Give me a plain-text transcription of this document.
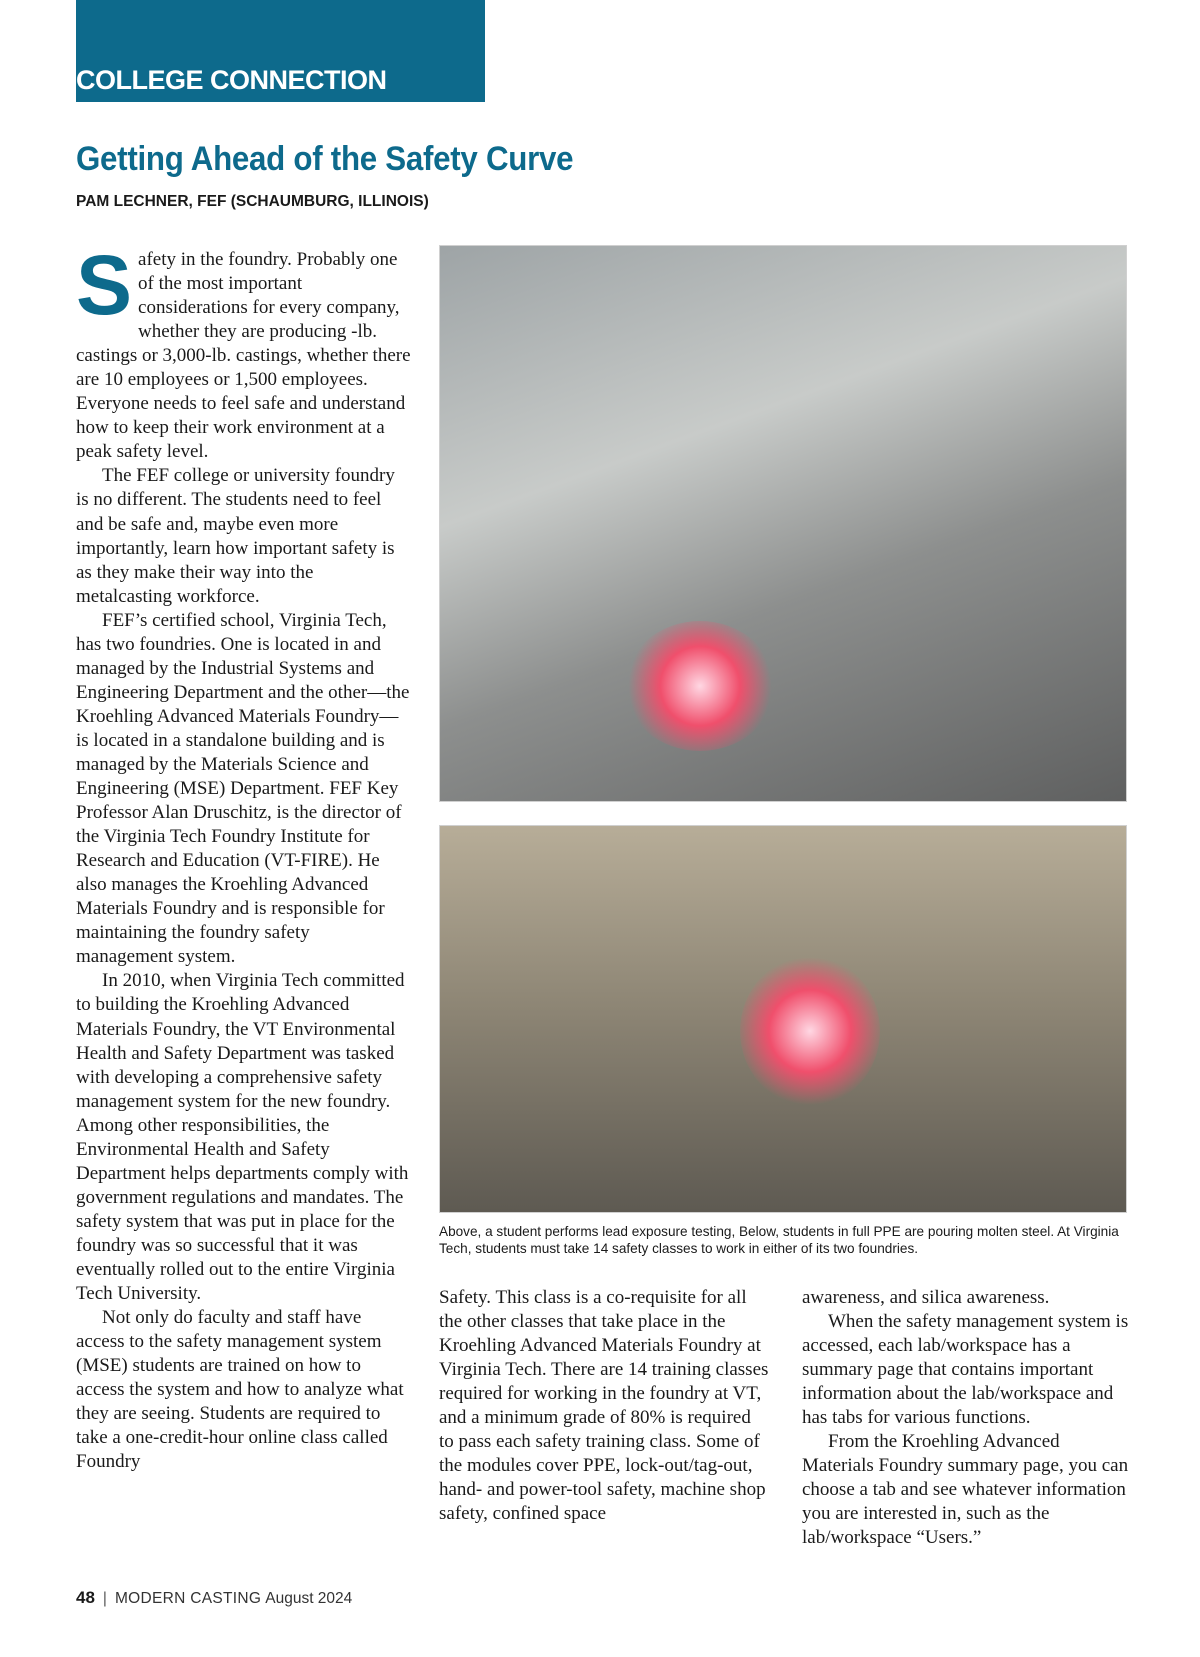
COLLEGE CONNECTION
Getting Ahead of the Safety Curve
PAM LECHNER, FEF (SCHAUMBURG, ILLINOIS)

Safety in the foundry. Probably one of the most important considerations for every company, whether they are producing -lb. castings or 3,000-lb. castings, whether there are 10 employees or 1,500 employees. Everyone needs to feel safe and understand how to keep their work environment at a peak safety level.

The FEF college or university foundry is no different. The students need to feel and be safe and, maybe even more importantly, learn how important safety is as they make their way into the metalcasting workforce.

FEF’s certified school, Virginia Tech, has two foundries. One is located in and managed by the Industrial Systems and Engineering Department and the other—the Kroehling Advanced Materials Foundry—is located in a standalone building and is managed by the Materials Science and Engineering (MSE) Department. FEF Key Professor Alan Druschitz, is the director of the Virginia Tech Foundry Institute for Research and Education (VT-FIRE). He also manages the Kroehling Advanced Materials Foundry and is responsible for maintaining the foundry safety management system.

In 2010, when Virginia Tech committed to building the Kroehling Advanced Materials Foundry, the VT Environmental Health and Safety Department was tasked with developing a comprehensive safety management system for the new foundry. Among other responsibilities, the Environmental Health and Safety Department helps departments comply with government regulations and mandates. The safety system that was put in place for the foundry was so successful that it was eventually rolled out to the entire Virginia Tech University.

Not only do faculty and staff have access to the safety management system (MSE) students are trained on how to access the system and how to analyze what they are seeing. Students are required to take a one-credit-hour online class called Foundry

Above, a student performs lead exposure testing, Below, students in full PPE are pouring molten steel. At Virginia Tech, students must take 14 safety classes to work in either of its two foundries.

Safety. This class is a co-requisite for all the other classes that take place in the Kroehling Advanced Materials Foundry at Virginia Tech. There are 14 training classes required for working in the foundry at VT, and a minimum grade of 80% is required to pass each safety training class. Some of the modules cover PPE, lock-out/tag-out, hand- and power-tool safety, machine shop safety, confined space

awareness, and silica awareness.

When the safety management system is accessed, each lab/workspace has a summary page that contains important information about the lab/workspace and has tabs for various functions.

From the Kroehling Advanced Materials Foundry summary page, you can choose a tab and see whatever information you are interested in, such as the lab/workspace “Users.”

48 | MODERN CASTING August 2024
